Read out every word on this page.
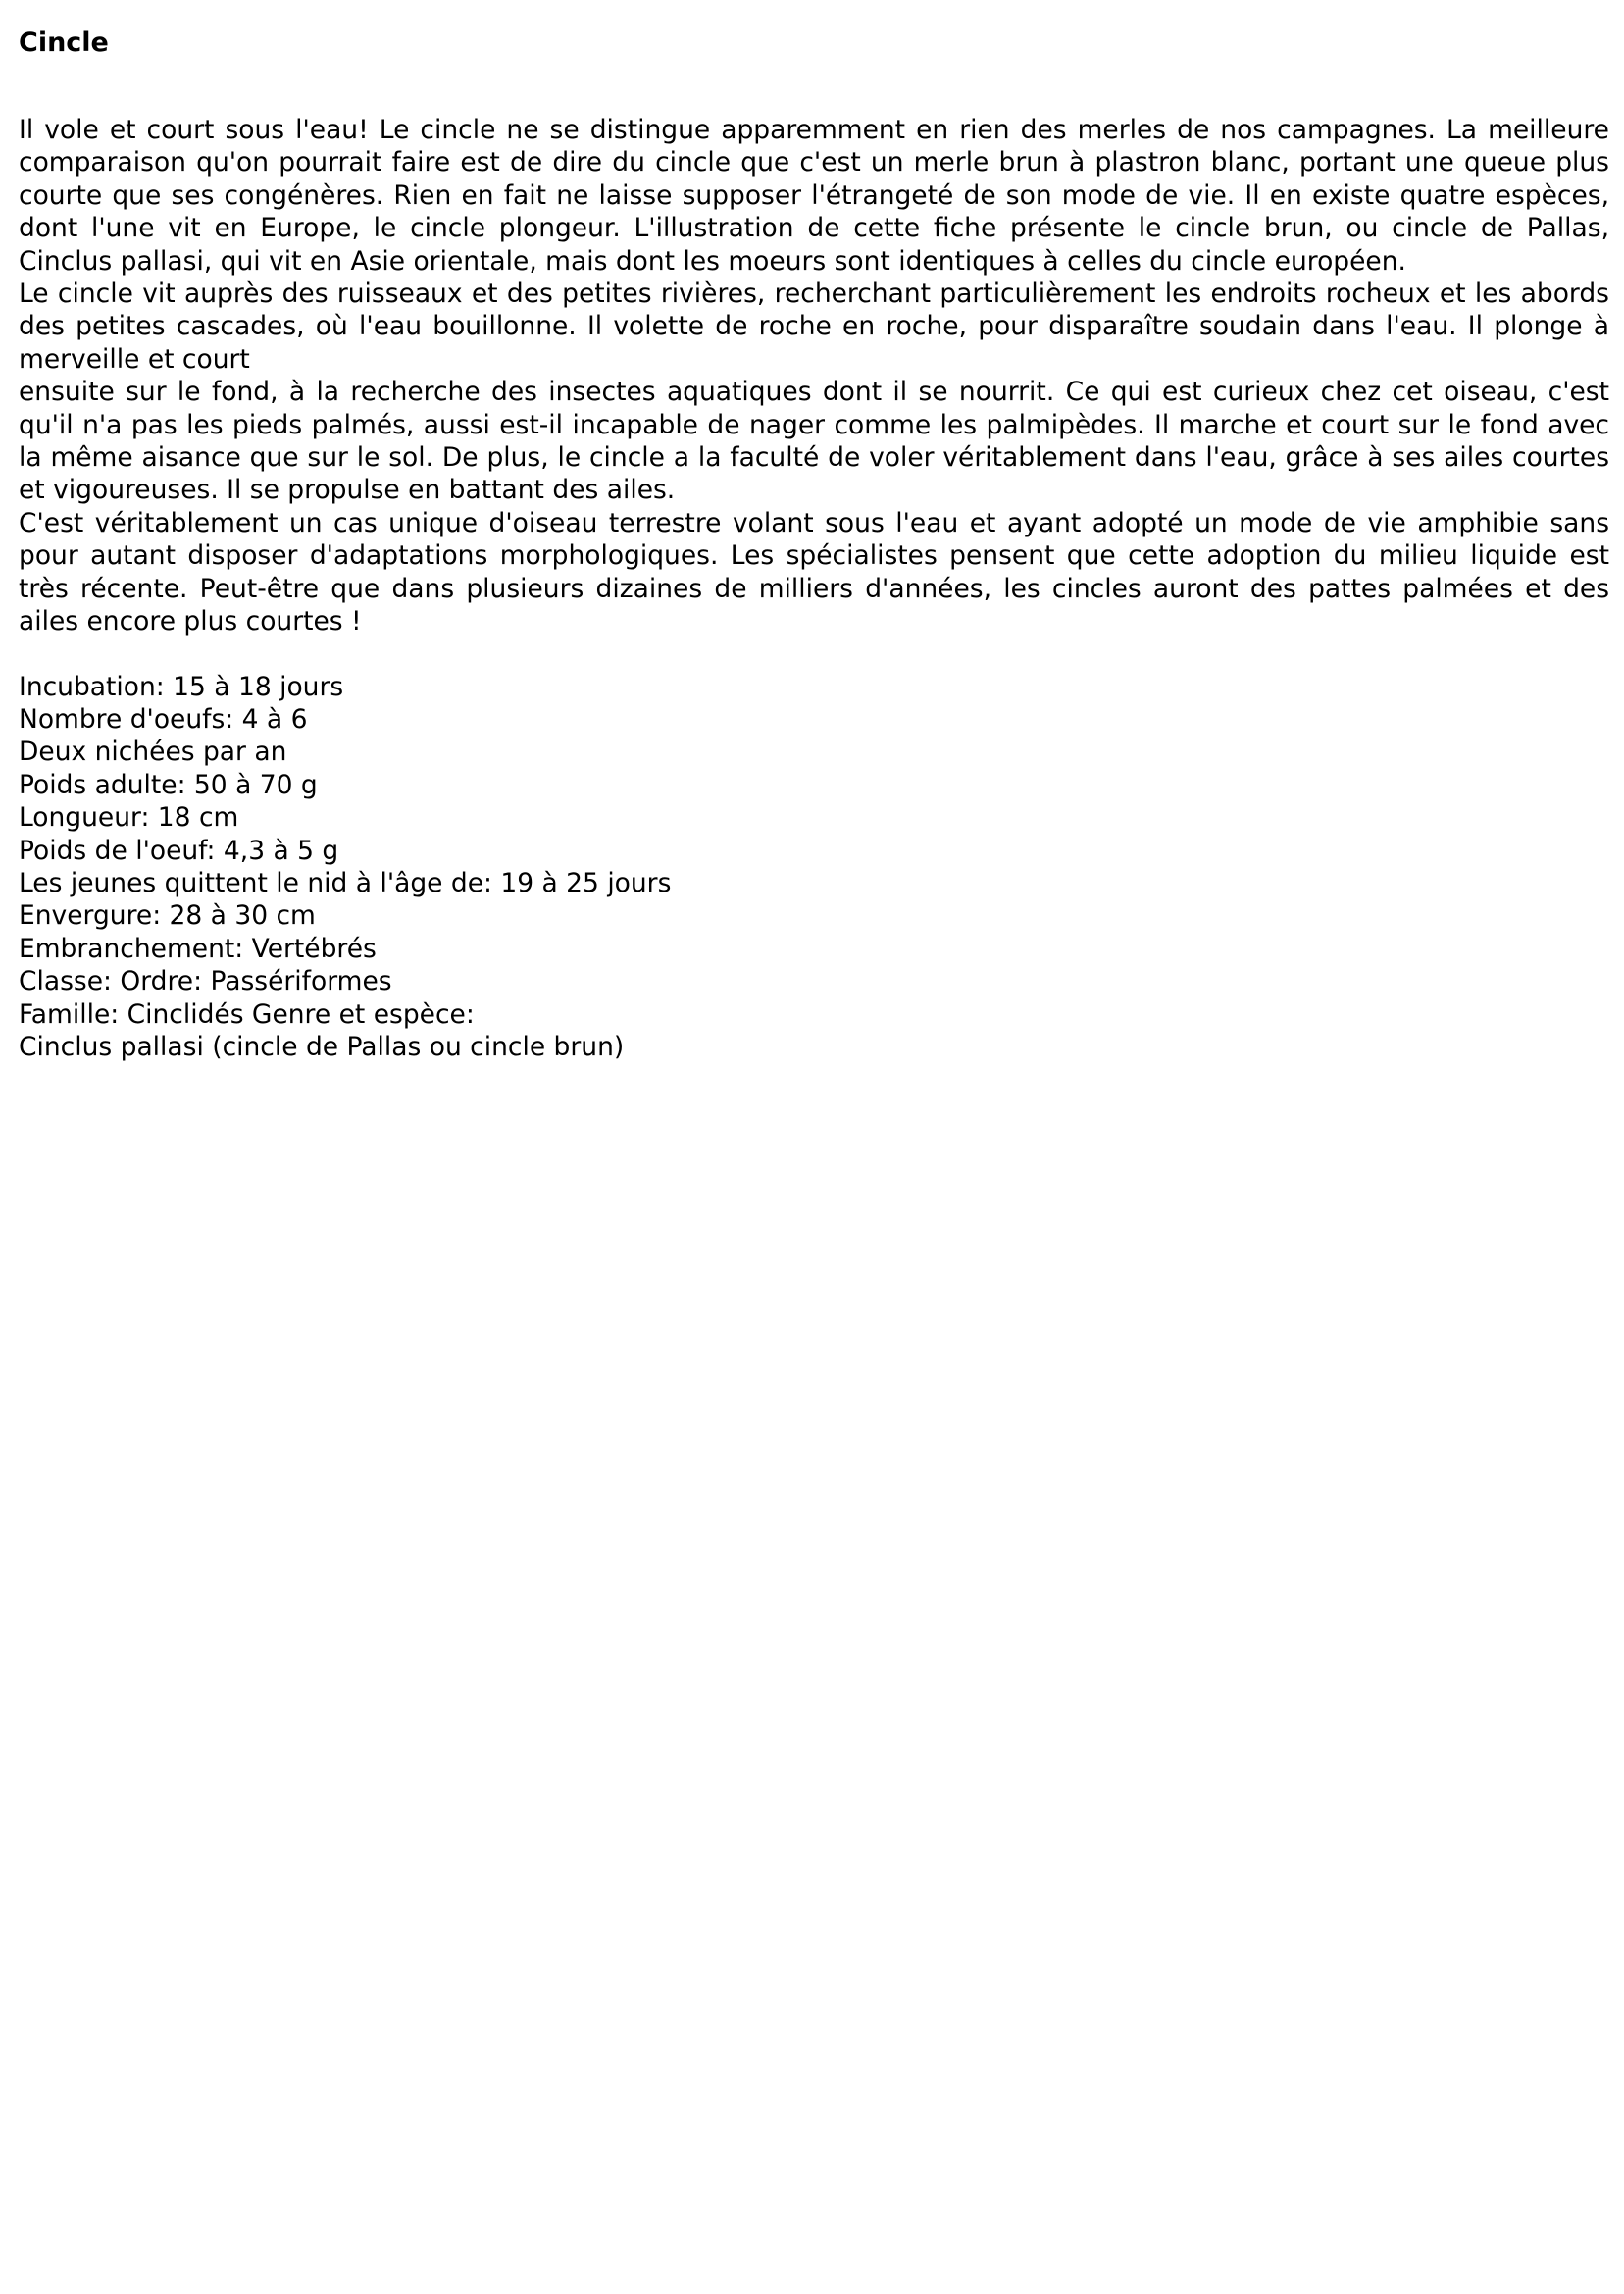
Cincle

Il vole et court sous l'eau! Le cincle ne se distingue apparemment en rien des merles de nos campagnes. La meilleure comparaison qu'on pourrait faire est de dire du cincle que c'est un merle brun à plastron blanc, portant une queue plus courte que ses congénères. Rien en fait ne laisse supposer l'étrangeté de son mode de vie. Il en existe quatre espèces, dont l'une vit en Europe, le cincle plongeur. L'illustration de cette fiche présente le cincle brun, ou cincle de Pallas, Cinclus pallasi, qui vit en Asie orientale, mais dont les moeurs sont identiques à celles du cincle européen.

Le cincle vit auprès des ruisseaux et des petites rivières, recherchant particulièrement les endroits rocheux et les abords des petites cascades, où l'eau bouillonne. Il volette de roche en roche, pour disparaître soudain dans l'eau. Il plonge à merveille et court

ensuite sur le fond, à la recherche des insectes aquatiques dont il se nourrit. Ce qui est curieux chez cet oiseau, c'est qu'il n'a pas les pieds palmés, aussi est-il incapable de nager comme les palmipèdes. Il marche et court sur le fond avec la même aisance que sur le sol. De plus, le cincle a la faculté de voler véritablement dans l'eau, grâce à ses ailes courtes et vigoureuses. Il se propulse en battant des ailes.

C'est véritablement un cas unique d'oiseau terrestre volant sous l'eau et ayant adopté un mode de vie amphibie sans pour autant disposer d'adaptations morphologiques. Les spécialistes pensent que cette adoption du milieu liquide est très récente. Peut-être que dans plusieurs dizaines de milliers d'années, les cincles auront des pattes palmées et des ailes encore plus courtes !

Incubation: 15 à 18 jours
Nombre d'oeufs: 4 à 6
Deux nichées par an
Poids adulte: 50 à 70 g
Longueur: 18 cm
Poids de l'oeuf: 4,3 à 5 g
Les jeunes quittent le nid à l'âge de: 19 à 25 jours
Envergure: 28 à 30 cm
Embranchement: Vertébrés
Classe: Ordre: Passériformes
Famille: Cinclidés Genre et espèce:
Cinclus pallasi (cincle de Pallas ou cincle brun)
